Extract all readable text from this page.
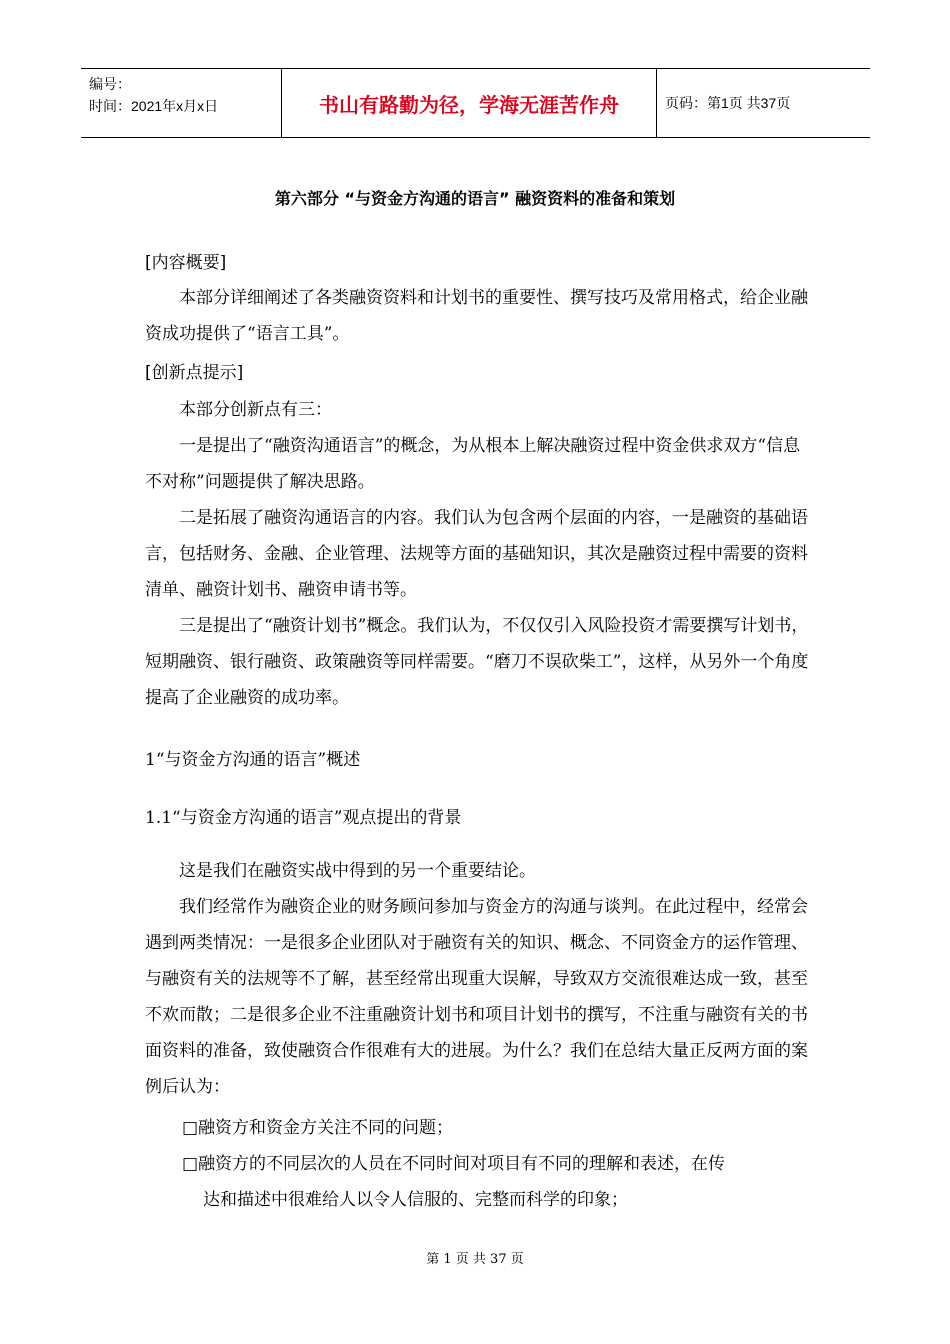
编号：
时间：2021年x月x日	书山有路勤为径，学海无涯苦作舟	页码：第1页 共37页
第六部分 “与资金方沟通的语言” 融资资料的准备和策划
[内容概要]

本部分详细阐述了各类融资资料和计划书的重要性、撰写技巧及常用格式，给企业融资成功提供了“语言工具”。

[创新点提示]

本部分创新点有三：

一是提出了“融资沟通语言”的概念，为从根本上解决融资过程中资金供求双方“信息不对称”问题提供了解决思路。

二是拓展了融资沟通语言的内容。我们认为包含两个层面的内容，一是融资的基础语言，包括财务、金融、企业管理、法规等方面的基础知识，其次是融资过程中需要的资料清单、融资计划书、融资申请书等。

三是提出了“融资计划书”概念。我们认为，不仅仅引入风险投资才需要撰写计划书，短期融资、银行融资、政策融资等同样需要。“磨刀不误砍柴工”，这样，从另外一个角度提高了企业融资的成功率。

1“与资金方沟通的语言”概述
1.1“与资金方沟通的语言”观点提出的背景

这是我们在融资实战中得到的另一个重要结论。

我们经常作为融资企业的财务顾问参加与资金方的沟通与谈判。在此过程中，经常会遇到两类情况：一是很多企业团队对于融资有关的知识、概念、不同资金方的运作管理、与融资有关的法规等不了解，甚至经常出现重大误解，导致双方交流很难达成一致，甚至不欢而散；二是很多企业不注重融资计划书和项目计划书的撰写，不注重与融资有关的书面资料的准备，致使融资合作很难有大的进展。为什么？我们在总结大量正反两方面的案例后认为：

□融资方和资金方关注不同的问题；

□融资方的不同层次的人员在不同时间对项目有不同的理解和表述，在传
达和描述中很难给人以令人信服的、完整而科学的印象；

第 1 页 共 37 页
